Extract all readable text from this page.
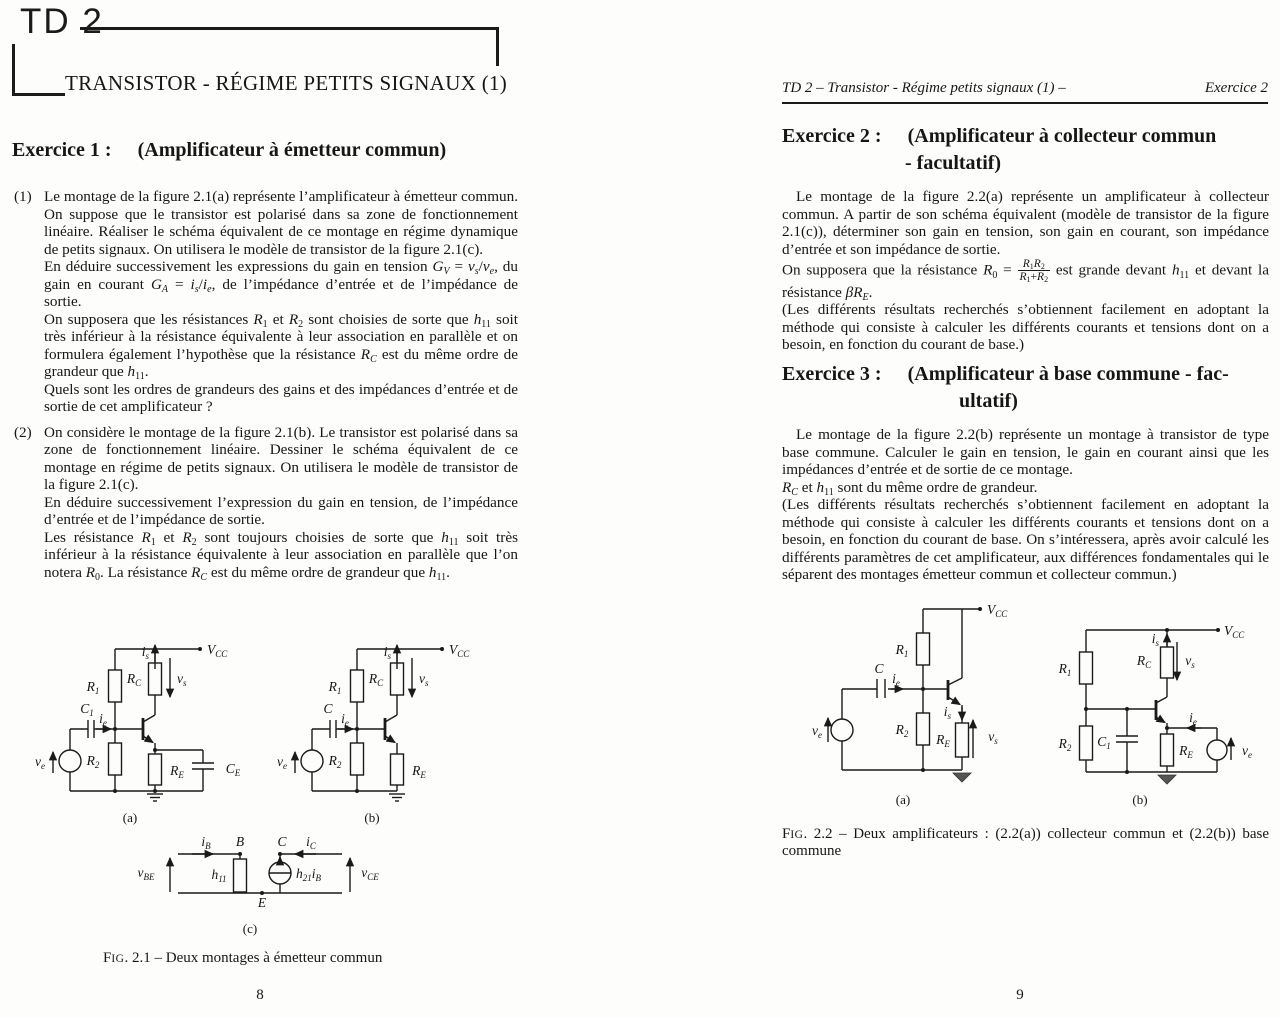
TD 2
TRANSISTOR - RÉGIME PETITS SIGNAUX (1)
Exercice 1 : (Amplificateur à émetteur commun)
(1) Le montage de la figure 2.1(a) représente l’amplificateur à émetteur commun. On suppose que le transistor est polarisé dans sa zone de fonctionnement linéaire. Réaliser le schéma équivalent de ce montage en régime dynamique de petits signaux. On utilisera le modèle de transistor de la figure 2.1(c).

En déduire successivement les expressions du gain en tension $G_V = v_s/v_e$, du gain en courant $G_A = i_s/i_e$, de l’impédance d’entrée et de l’impédance de sortie.

On supposera que les résistances $R_1$ et $R_2$ sont choisies de sorte que $h_{11}$ soit très inférieur à la résistance équivalente à leur association en parallèle et on formulera également l’hypothèse que la résistance $R_C$ est du même ordre de grandeur que $h_{11}$.

Quels sont les ordres de grandeurs des gains et des impédances d’entrée et de sortie de cet amplificateur ?

(2) On considère le montage de la figure 2.1(b). Le transistor est polarisé dans sa zone de fonctionnement linéaire. Dessiner le schéma équivalent de ce montage en régime de petits signaux. On utilisera le modèle de transistor de la figure 2.1(c).

En déduire successivement l’expression du gain en tension, de l’impédance d’entrée et de l’impédance de sortie.

Les résistance $R_1$ et $R_2$ sont toujours choisies de sorte que $h_{11}$ soit très inférieur à la résistance équivalente à leur association en parallèle que l’on notera $R_0$. La résistance $R_C$ est du même ordre de grandeur que $h_{11}$.

$V_{CC}$
$i_s$
$R_C$
$R_1$
$v_s$
$C_1$ $i_e$
$v_e$	$R_2$	$R_E$	$C_E$
(a)
$V_{CC}$
$i_s$
$R_C$
$R_1$
$v_s$
C
$i_e$
$v_e$	$R_2$	$R_E$
(b)
$v_{BE}$
$i_B$ B
$h_{11}$
E
C $i_C$
$h_{21}i_B$	$v_{CE}$
(c)
FIG. 2.1 – Deux montages à émetteur commun
8
TD 2 – Transistor - Régime petits signaux (1) –	Exercice 2
Exercice 2 : (Amplificateur à collecteur commun
- facultatif)

Le montage de la figure 2.2(a) représente un amplificateur à collecteur commun. A partir de son schéma équivalent (modèle de transistor de la figure 2.1(c)), déterminer son gain en tension, son gain en courant, son impédance d’entrée et son impédance de sortie.

On supposera que la résistance $R_0 = \frac{R_1R_2}{R_1+R_2}$ est grande devant $h_{11}$ et devant la résistance $\beta R_E$.

(Les différents résultats recherchés s’obtiennent facilement en adoptant la méthode qui consiste à calculer les différents courants et tensions dont on a besoin, en fonction du courant de base.)

Exercice 3 : (Amplificateur à base commune - fac-
ultatif)

Le montage de la figure 2.2(b) représente un montage à transistor de type base commune. Calculer le gain en tension, le gain en courant ainsi que les impédances d’entrée et de sortie de ce montage.

$R_C$ et $h_{11}$ sont du même ordre de grandeur.

(Les différents résultats recherchés s’obtiennent facilement en adoptant la méthode qui consiste à calculer les différents courants et tensions dont on a besoin, en fonction du courant de base. On s’intéressera, après avoir calculé les différents paramètres de cet amplificateur, aux différences fondamentales qui le séparent des montages émetteur commun et collecteur commun.)

$V_{CC}$
$R_1$
C
$i_e$
$v_e$	$R_2$
$i_s$
$R_E$	$v_s$
(a)
$V_{CC}$
$R_1$
$R_2$
$i_s$
$R_C$	$v_s$
$C_1$
$i_e$
$R_E$	$v_e$
(b)
FIG. 2.2 – Deux amplificateurs : (2.2(a)) collecteur commun et (2.2(b)) base commune
9
